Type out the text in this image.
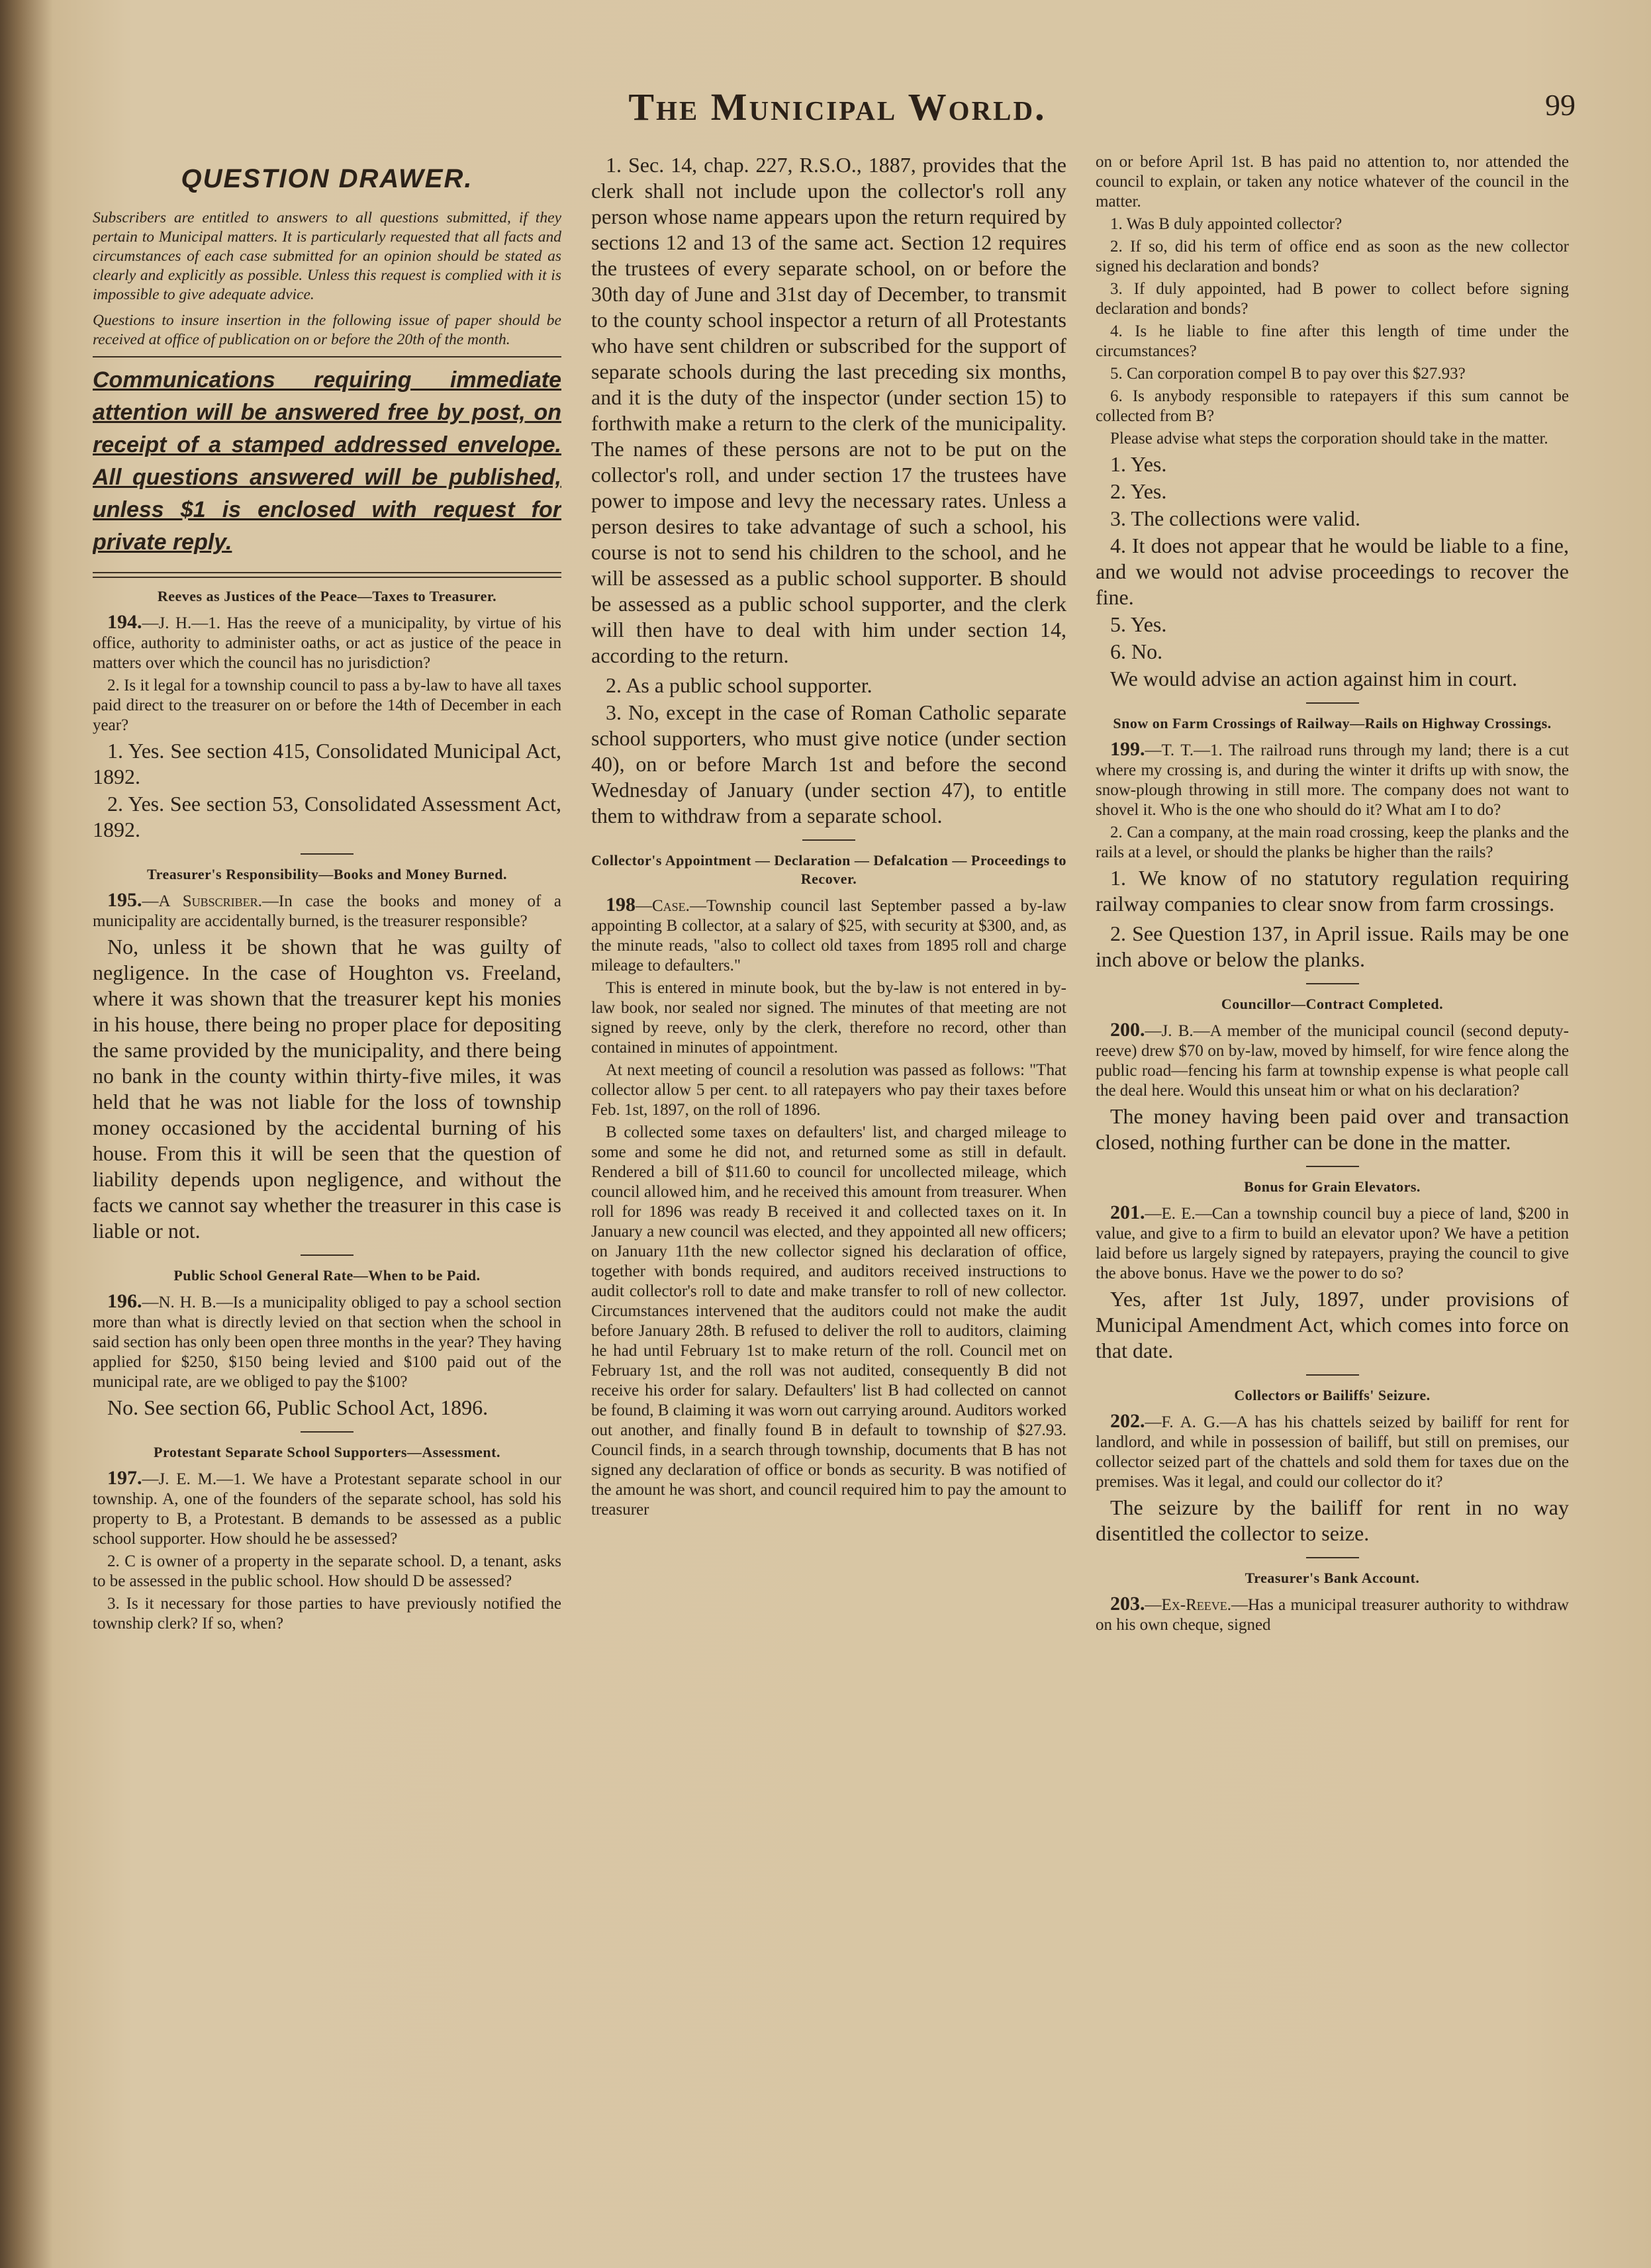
The Municipal World.	99
QUESTION DRAWER.

Subscribers are entitled to answers to all questions submitted, if they pertain to Municipal matters. It is particularly requested that all facts and circumstances of each case submitted for an opinion should be stated as clearly and explicitly as possible. Unless this request is complied with it is impossible to give adequate advice.

Questions to insure insertion in the following issue of paper should be received at office of publication on or before the 20th of the month.

Communications requiring immediate attention will be answered free by post, on receipt of a stamped addressed envelope. All questions answered will be published, unless $1 is enclosed with request for private reply.
Reeves as Justices of the Peace—Taxes to Treasurer.

194.—J. H.—1. Has the reeve of a municipality, by virtue of his office, authority to administer oaths, or act as justice of the peace in matters over which the council has no jurisdiction?

2. Is it legal for a township council to pass a by-law to have all taxes paid direct to the treasurer on or before the 14th of December in each year?

1. Yes. See section 415, Consolidated Municipal Act, 1892.

2. Yes. See section 53, Consolidated Assessment Act, 1892.

Treasurer's Responsibility—Books and Money Burned.

195.—A Subscriber.—In case the books and money of a municipality are accidentally burned, is the treasurer responsible?

No, unless it be shown that he was guilty of negligence. In the case of Houghton vs. Freeland, where it was shown that the treasurer kept his monies in his house, there being no proper place for depositing the same provided by the municipality, and there being no bank in the county within thirty-five miles, it was held that he was not liable for the loss of township money occasioned by the accidental burning of his house. From this it will be seen that the question of liability depends upon negligence, and without the facts we cannot say whether the treasurer in this case is liable or not.

Public School General Rate—When to be Paid.

196.—N. H. B.—Is a municipality obliged to pay a school section more than what is directly levied on that section when the school in said section has only been open three months in the year? They having applied for $250, $150 being levied and $100 paid out of the municipal rate, are we obliged to pay the $100?

No. See section 66, Public School Act, 1896.

Protestant Separate School Supporters—Assessment.

197.—J. E. M.—1. We have a Protestant separate school in our township. A, one of the founders of the separate school, has sold his property to B, a Protestant. B demands to be assessed as a public school supporter. How should he be assessed?

2. C is owner of a property in the separate school. D, a tenant, asks to be assessed in the public school. How should D be assessed?

3. Is it necessary for those parties to have previously notified the township clerk? If so, when?

1. Sec. 14, chap. 227, R.S.O., 1887, provides that the clerk shall not include upon the collector's roll any person whose name appears upon the return required by sections 12 and 13 of the same act. Section 12 requires the trustees of every separate school, on or before the 30th day of June and 31st day of December, to transmit to the county school inspector a return of all Protestants who have sent children or subscribed for the support of separate schools during the last preceding six months, and it is the duty of the inspector (under section 15) to forthwith make a return to the clerk of the municipality. The names of these persons are not to be put on the collector's roll, and under section 17 the trustees have power to impose and levy the necessary rates. Unless a person desires to take advantage of such a school, his course is not to send his children to the school, and he will be assessed as a public school supporter. B should be assessed as a public school supporter, and the clerk will then have to deal with him under section 14, according to the return.

2. As a public school supporter.

3. No, except in the case of Roman Catholic separate school supporters, who must give notice (under section 40), on or before March 1st and before the second Wednesday of January (under section 47), to entitle them to withdraw from a separate school.

Collector's Appointment — Declaration — Defalcation — Proceedings to Recover.

198—Case.—Township council last September passed a by-law appointing B collector, at a salary of $25, with security at $300, and, as the minute reads, "also to collect old taxes from 1895 roll and charge mileage to defaulters."

This is entered in minute book, but the by-law is not entered in by-law book, nor sealed nor signed. The minutes of that meeting are not signed by reeve, only by the clerk, therefore no record, other than contained in minutes of appointment.

At next meeting of council a resolution was passed as follows: "That collector allow 5 per cent. to all ratepayers who pay their taxes before Feb. 1st, 1897, on the roll of 1896.

B collected some taxes on defaulters' list, and charged mileage to some and some he did not, and returned some as still in default. Rendered a bill of $11.60 to council for uncollected mileage, which council allowed him, and he received this amount from treasurer. When roll for 1896 was ready B received it and collected taxes on it. In January a new council was elected, and they appointed all new officers; on January 11th the new collector signed his declaration of office, together with bonds required, and auditors received instructions to audit collector's roll to date and make transfer to roll of new collector. Circumstances intervened that the auditors could not make the audit before January 28th. B refused to deliver the roll to auditors, claiming he had until February 1st to make return of the roll. Council met on February 1st, and the roll was not audited, consequently B did not receive his order for salary. Defaulters' list B had collected on cannot be found, B claiming it was worn out carrying around. Auditors worked out another, and finally found B in default to township of $27.93. Council finds, in a search through township, documents that B has not signed any declaration of office or bonds as security. B was notified of the amount he was short, and council required him to pay the amount to treasurer

on or before April 1st. B has paid no attention to, nor attended the council to explain, or taken any notice whatever of the council in the matter.

1. Was B duly appointed collector?

2. If so, did his term of office end as soon as the new collector signed his declaration and bonds?

3. If duly appointed, had B power to collect before signing declaration and bonds?

4. Is he liable to fine after this length of time under the circumstances?

5. Can corporation compel B to pay over this $27.93?

6. Is anybody responsible to ratepayers if this sum cannot be collected from B?

Please advise what steps the corporation should take in the matter.

1. Yes.

2. Yes.

3. The collections were valid.

4. It does not appear that he would be liable to a fine, and we would not advise proceedings to recover the fine.

5. Yes.

6. No.

We would advise an action against him in court.

Snow on Farm Crossings of Railway—Rails on Highway Crossings.

199.—T. T.—1. The railroad runs through my land; there is a cut where my crossing is, and during the winter it drifts up with snow, the snow-plough throwing in still more. The company does not want to shovel it. Who is the one who should do it? What am I to do?

2. Can a company, at the main road crossing, keep the planks and the rails at a level, or should the planks be higher than the rails?

1. We know of no statutory regulation requiring railway companies to clear snow from farm crossings.

2. See Question 137, in April issue. Rails may be one inch above or below the planks.

Councillor—Contract Completed.

200.—J. B.—A member of the municipal council (second deputy-reeve) drew $70 on by-law, moved by himself, for wire fence along the public road—fencing his farm at township expense is what people call the deal here. Would this unseat him or what on his declaration?

The money having been paid over and transaction closed, nothing further can be done in the matter.

Bonus for Grain Elevators.

201.—E. E.—Can a township council buy a piece of land, $200 in value, and give to a firm to build an elevator upon? We have a petition laid before us largely signed by ratepayers, praying the council to give the above bonus. Have we the power to do so?

Yes, after 1st July, 1897, under provisions of Municipal Amendment Act, which comes into force on that date.

Collectors or Bailiffs' Seizure.

202.—F. A. G.—A has his chattels seized by bailiff for rent for landlord, and while in possession of bailiff, but still on premises, our collector seized part of the chattels and sold them for taxes due on the premises. Was it legal, and could our collector do it?

The seizure by the bailiff for rent in no way disentitled the collector to seize.

Treasurer's Bank Account.

203.—Ex-Reeve.—Has a municipal treasurer authority to withdraw on his own cheque, signed
